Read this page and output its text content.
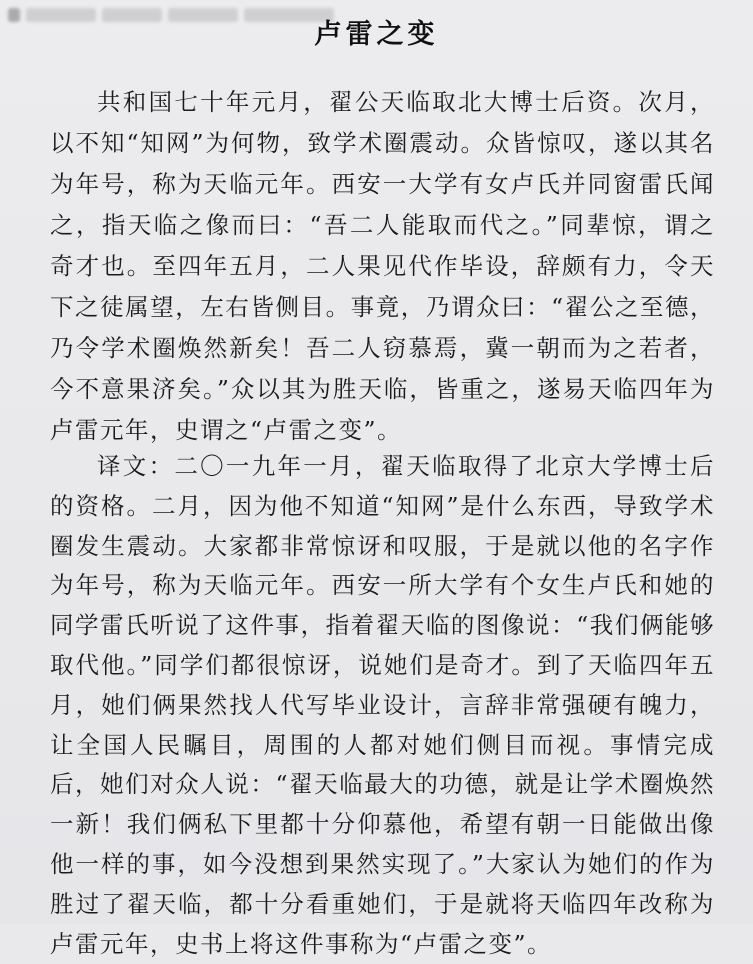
卢雷之变

共和国七十年元月，翟公天临取北大博士后资。次月，以不知“知网”为何物，致学术圈震动。众皆惊叹，遂以其名为年号，称为天临元年。西安一大学有女卢氏并同窗雷氏闻之，指天临之像而曰：“吾二人能取而代之。”同辈惊，谓之奇才也。至四年五月，二人果见代作毕设，辞颇有力，令天下之徒属望，左右皆侧目。事竟，乃谓众曰：“翟公之至德，乃令学术圈焕然新矣！吾二人窃慕焉，冀一朝而为之若者，今不意果济矣。”众以其为胜天临，皆重之，遂易天临四年为卢雷元年，史谓之“卢雷之变”。

译文：二〇一九年一月，翟天临取得了北京大学博士后的资格。二月，因为他不知道“知网”是什么东西，导致学术圈发生震动。大家都非常惊讶和叹服，于是就以他的名字作为年号，称为天临元年。西安一所大学有个女生卢氏和她的同学雷氏听说了这件事，指着翟天临的图像说：“我们俩能够取代他。”同学们都很惊讶，说她们是奇才。到了天临四年五月，她们俩果然找人代写毕业设计，言辞非常强硬有魄力，让全国人民瞩目，周围的人都对她们侧目而视。事情完成后，她们对众人说：“翟天临最大的功德，就是让学术圈焕然一新！我们俩私下里都十分仰慕他，希望有朝一日能做出像他一样的事，如今没想到果然实现了。”大家认为她们的作为胜过了翟天临，都十分看重她们，于是就将天临四年改称为卢雷元年，史书上将这件事称为“卢雷之变”。
